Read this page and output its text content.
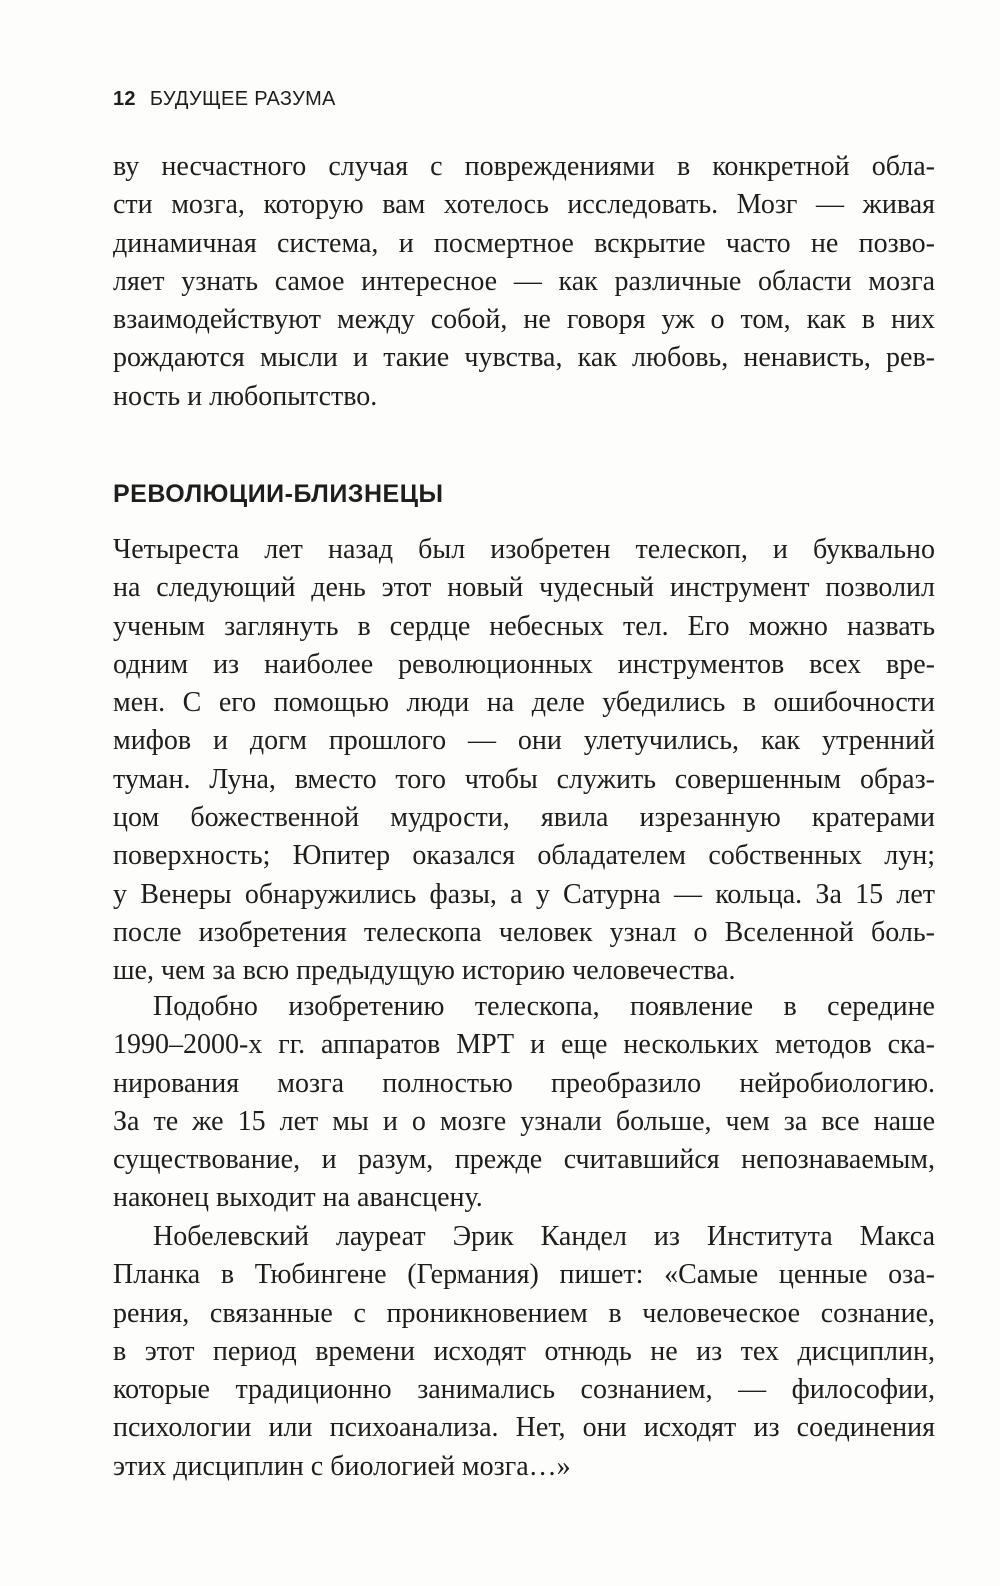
12 БУДУЩЕЕ РАЗУМА
ву несчастного случая с повреждениями в конкретной обла-
сти мозга, которую вам хотелось исследовать. Мозг — живая
динамичная система, и посмертное вскрытие часто не позво-
ляет узнать самое интересное — как различные области мозга
взаимодействуют между собой, не говоря уж о том, как в них
рождаются мысли и такие чувства, как любовь, ненависть, рев-
ность и любопытство.
РЕВОЛЮЦИИ-БЛИЗНЕЦЫ
Четыреста лет назад был изобретен телескоп, и буквально
на следующий день этот новый чудесный инструмент позволил
ученым заглянуть в сердце небесных тел. Его можно назвать
одним из наиболее революционных инструментов всех вре-
мен. С его помощью люди на деле убедились в ошибочности
мифов и догм прошлого — они улетучились, как утренний
туман. Луна, вместо того чтобы служить совершенным образ-
цом божественной мудрости, явила изрезанную кратерами
поверхность; Юпитер оказался обладателем собственных лун;
у Венеры обнаружились фазы, а у Сатурна — кольца. За 15 лет
после изобретения телескопа человек узнал о Вселенной боль-
ше, чем за всю предыдущую историю человечества.
Подобно изобретению телескопа, появление в середине
1990–2000-х гг. аппаратов МРТ и еще нескольких методов ска-
нирования мозга полностью преобразило нейробиологию.
За те же 15 лет мы и о мозге узнали больше, чем за все наше
существование, и разум, прежде считавшийся непознаваемым,
наконец выходит на авансцену.
Нобелевский лауреат Эрик Кандел из Института Макса
Планка в Тюбингене (Германия) пишет: «Самые ценные оза-
рения, связанные с проникновением в человеческое сознание,
в этот период времени исходят отнюдь не из тех дисциплин,
которые традиционно занимались сознанием, — философии,
психологии или психоанализа. Нет, они исходят из соединения
этих дисциплин с биологией мозга…»
